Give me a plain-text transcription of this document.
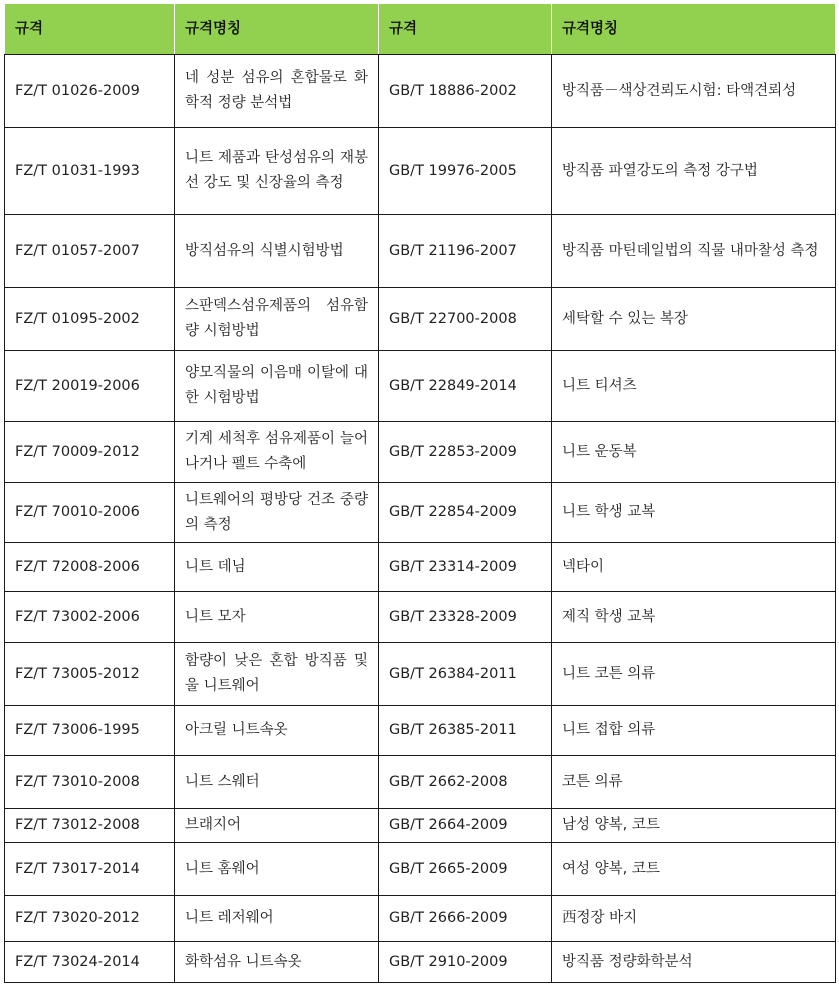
규격	규격명칭	규격	규격명칭
FZ/T 01026-2009	네 성분 섬유의 혼합물로 화학적 정량 분석법	GB/T 18886-2002	방직품－색상견뢰도시험: 타액견뢰성
FZ/T 01031-1993	니트 제품과 탄성섬유의 재봉선 강도 및 신장율의 측정	GB/T 19976-2005	방직품 파열강도의 측정 강구법
FZ/T 01057-2007	방직섬유의 식별시험방법	GB/T 21196-2007	방직품 마틴데일법의 직물 내마찰성 측정
FZ/T 01095-2002	스판덱스섬유제품의 섬유함량 시험방법	GB/T 22700-2008	세탁할 수 있는 복장
FZ/T 20019-2006	양모직물의 이음매 이탈에 대한 시험방법	GB/T 22849-2014	니트 티셔츠
FZ/T 70009-2012	기계 세척후 섬유제품이 늘어나거나 펠트 수축에	GB/T 22853-2009	니트 운동복
FZ/T 70010-2006	니트웨어의 평방당 건조 중량의 측정	GB/T 22854-2009	니트 학생 교복
FZ/T 72008-2006	니트 데님	GB/T 23314-2009	넥타이
FZ/T 73002-2006	니트 모자	GB/T 23328-2009	제직 학생 교복
FZ/T 73005-2012	함량이 낮은 혼합 방직품 및 울 니트웨어	GB/T 26384-2011	니트 코튼 의류
FZ/T 73006-1995	아크릴 니트속옷	GB/T 26385-2011	니트 접합 의류
FZ/T 73010-2008	니트 스웨터	GB/T 2662-2008	코튼 의류
FZ/T 73012-2008	브래지어	GB/T 2664-2009	남성 양복, 코트
FZ/T 73017-2014	니트 홈웨어	GB/T 2665-2009	여성 양복, 코트
FZ/T 73020-2012	니트 레저웨어	GB/T 2666-2009	西정장 바지
FZ/T 73024-2014	화학섬유 니트속옷	GB/T 2910-2009	방직품 정량화학분석
